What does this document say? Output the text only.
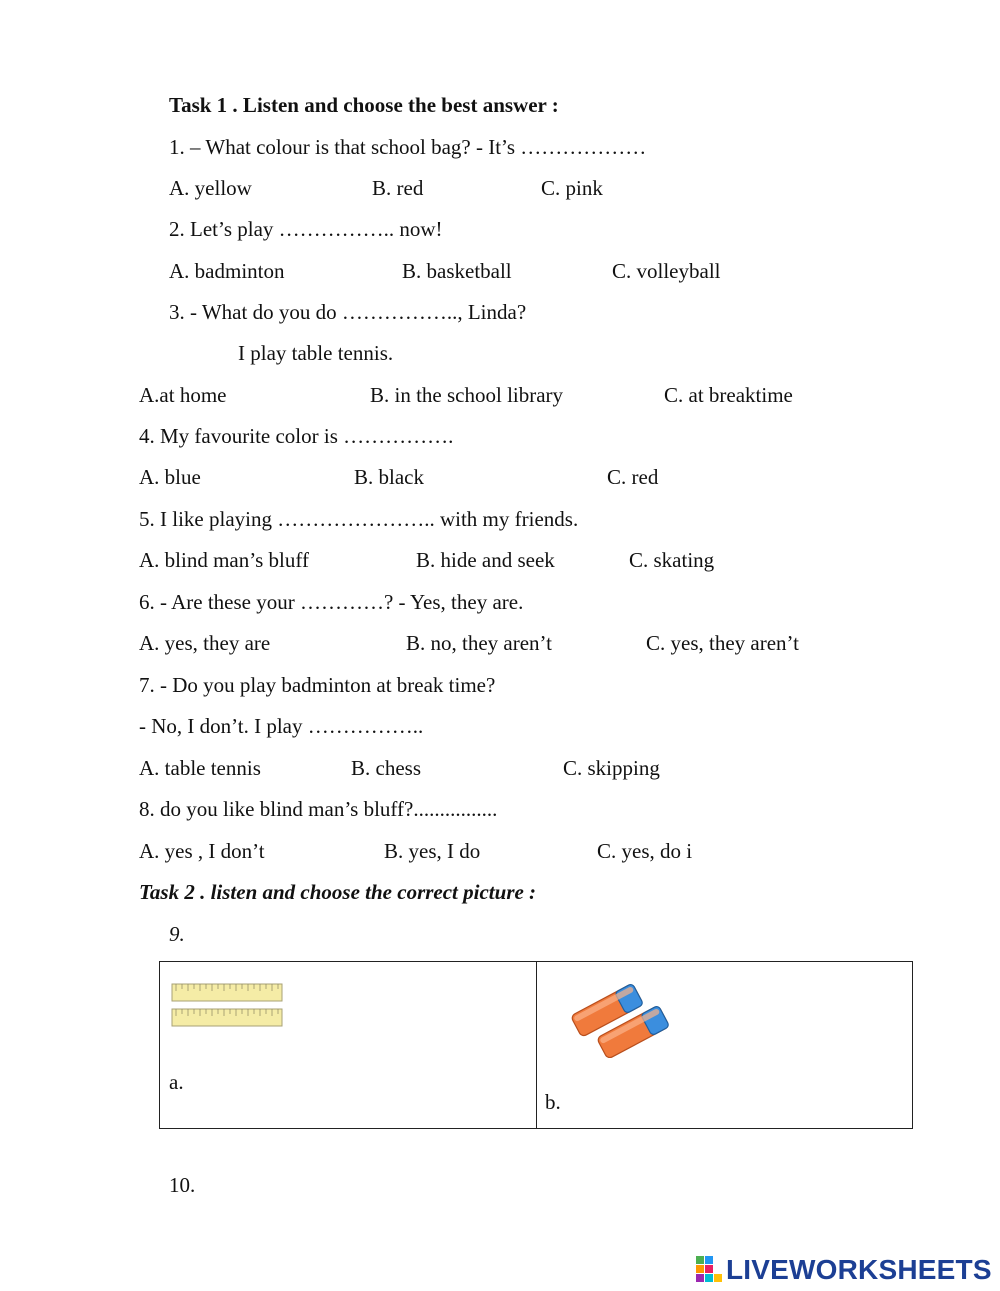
Task 1 . Listen and choose the best answer :
1. – What colour is that school bag? - It’s ………………
A. yellow	B. red	C. pink
2. Let’s play …………….. now!
A. badminton	B. basketball	C. volleyball
3. - What do you do …………….., Linda?
I play table tennis.
A.at home	B. in the school library	C. at breaktime
4. My favourite color is …………….
A. blue	B. black	C. red
5. I like playing ………………….. with my friends.
A. blind man’s bluff	B. hide and seek	C. skating
6. - Are these your …………? - Yes, they are.
A. yes, they are	B. no, they aren’t	C. yes, they aren’t
7. - Do you play badminton at break time?
- No, I don’t. I play ……………..
A. table tennis	B. chess	C. skipping
8. do you like blind man’s bluff?................
A. yes , I don’t	B. yes, I do	C. yes, do i
Task 2 . listen and choose the correct picture :
9.
a.
b.
10.
LIVEWORKSHEETS
